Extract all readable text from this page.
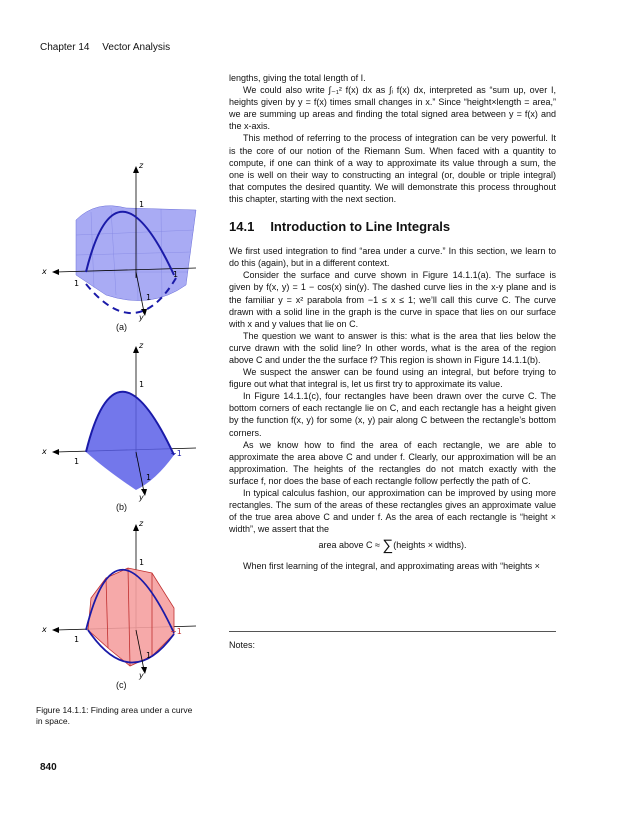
Chapter 14 Vector Analysis
z
x
y
1
1
1
1
(a)
z
x
y
1
1
−1
1
(b)
z
x
y
1
1
−1
1
(c)
Figure 14.1.1: Finding area under a curve in space.

lengths, giving the total length of I.

We could also write ∫₋₁² f(x) dx as ∫ᵢ f(x) dx, interpreted as “sum up, over I, heights given by y = f(x) times small changes in x.” Since “height×length = area,” we are summing up areas and finding the total signed area between y = f(x) and the x-axis.

This method of referring to the process of integration can be very powerful. It is the core of our notion of the Riemann Sum. When faced with a quantity to compute, if one can think of a way to approximate its value through a sum, the one is well on their way to constructing an integral (or, double or triple integral) that computes the desired quantity. We will demonstrate this process throughout this chapter, starting with the next section.

14.1 Introduction to Line Integrals

We first used integration to find “area under a curve.” In this section, we learn to do this (again), but in a different context.

Consider the surface and curve shown in Figure 14.1.1(a). The surface is given by f(x, y) = 1 − cos(x) sin(y). The dashed curve lies in the x-y plane and is the familiar y = x² parabola from −1 ≤ x ≤ 1; we’ll call this curve C. The curve drawn with a solid line in the graph is the curve in space that lies on our surface with x and y values that lie on C.

The question we want to answer is this: what is the area that lies below the curve drawn with the solid line? In other words, what is the area of the region above C and under the the surface f? This region is shown in Figure 14.1.1(b).

We suspect the answer can be found using an integral, but before trying to figure out what that integral is, let us first try to approximate its value.

In Figure 14.1.1(c), four rectangles have been drawn over the curve C. The bottom corners of each rectangle lie on C, and each rectangle has a height given by the function f(x, y) for some (x, y) pair along C between the rectangle’s bottom corners.

As we know how to find the area of each rectangle, we are able to approximate the area above C and under f. Clearly, our approximation will be an approximation. The heights of the rectangles do not match exactly with the surface f, nor does the base of each rectangle follow perfectly the path of C.

In typical calculus fashion, our approximation can be improved by using more rectangles. The sum of the areas of these rectangles gives an approximate value of the true area above C and under f. As the area of each rectangle is “height × width”, we assert that the

area above C ≈ ∑(heights × widths).

When first learning of the integral, and approximating areas with “heights ×

Notes:
840
